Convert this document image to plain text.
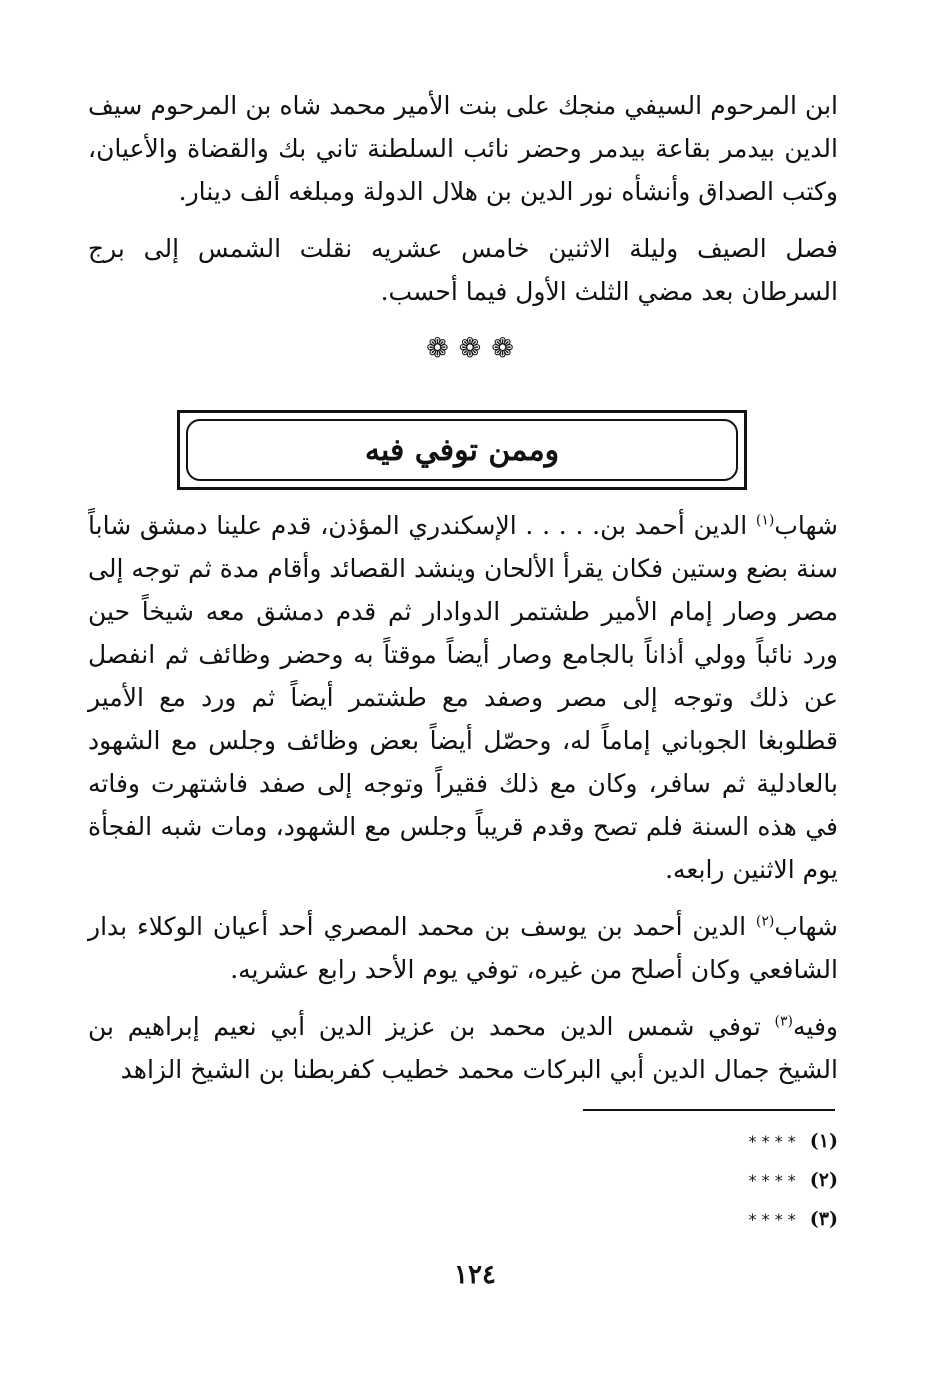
ابن المرحوم السيفي منجك على بنت الأمير محمد شاه بن المرحوم سيف الدين بيدمر بقاعة بيدمر وحضر نائب السلطنة تاني بك والقضاة والأعيان، وكتب الصداق وأنشأه نور الدين بن هلال الدولة ومبلغه ألف دينار.

فصل الصيف وليلة الاثنين خامس عشريه نقلت الشمس إلى برج السرطان بعد مضي الثلث الأول فيما أحسب.

❁❁❁
وممن توفي فيه

شهاب$^{(١)}$ الدين أحمد بن. . . . . الإسكندري المؤذن، قدم علينا دمشق شاباً سنة بضع وستين فكان يقرأ الألحان وينشد القصائد وأقام مدة ثم توجه إلى مصر وصار إمام الأمير طشتمر الدوادار ثم قدم دمشق معه شيخاً حين ورد نائباً وولي أذاناً بالجامع وصار أيضاً موقتاً به وحضر وظائف ثم انفصل عن ذلك وتوجه إلى مصر وصفد مع طشتمر أيضاً ثم ورد مع الأمير قطلوبغا الجوباني إماماً له، وحصّل أيضاً بعض وظائف وجلس مع الشهود بالعادلية ثم سافر، وكان مع ذلك فقيراً وتوجه إلى صفد فاشتهرت وفاته في هذه السنة فلم تصح وقدم قريباً وجلس مع الشهود، ومات شبه الفجأة يوم الاثنين رابعه.

شهاب$^{(٢)}$ الدين أحمد بن يوسف بن محمد المصري أحد أعيان الوكلاء بدار الشافعي وكان أصلح من غيره، توفي يوم الأحد رابع عشريه.

وفيه$^{(٣)}$ توفي شمس الدين محمد بن عزيز الدين أبي نعيم إبراهيم بن الشيخ جمال الدين أبي البركات محمد خطيب كفربطنا بن الشيخ الزاهد

(١)* * * *
(٢)* * * *
(٣)* * * *
١٢٤
